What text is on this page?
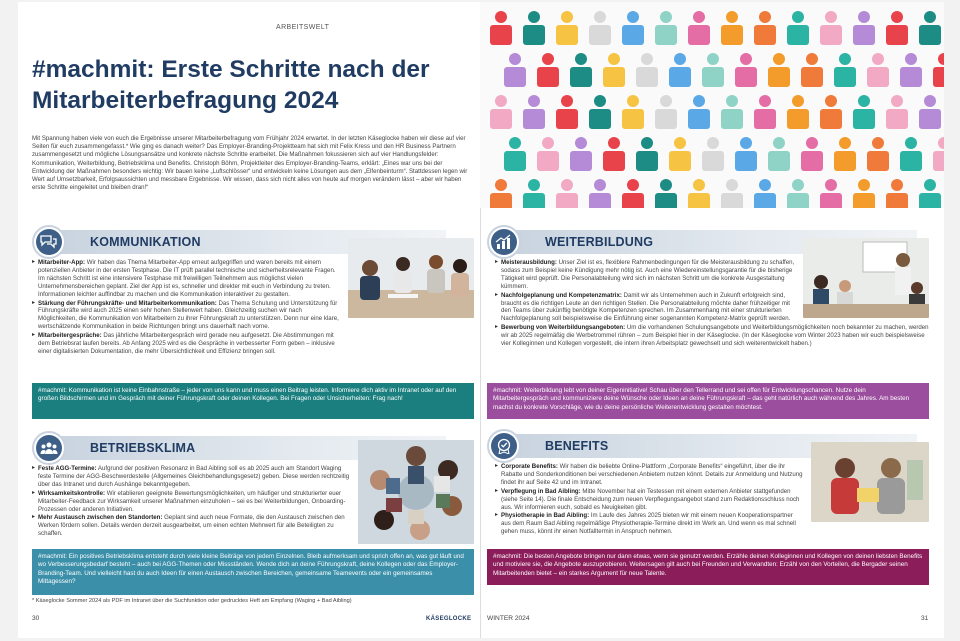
ARBEITSWELT
#machmit: Erste Schritte nach der
Mitarbeiterbefragung 2024
Mit Spannung haben viele von euch die Ergebnisse unserer Mitarbeiterbefragung vom Frühjahr 2024 erwartet. In der letzten Käseglocke haben wir diese auf vier Seiten für euch zusammengefasst.* Wie ging es danach weiter? Das Employer-Branding-Projektteam hat sich mit Felix Kress und den HR Business Partnern zusammengesetzt und mögliche Lösungsansätze und konkrete nächste Schritte erarbeitet. Die Maßnahmen fokussieren sich auf vier Handlungsfelder: Kommunikation, Weiterbildung, Betriebsklima und Benefits. Christoph Böhm, Projektleiter des Employer-Branding-Teams, erklärt: „Eines war uns bei der Entwicklung der Maßnahmen besonders wichtig: Wir bauen keine „Luftschlösser“ und entwickeln keine Lösungen aus dem „Elfenbeinturm“. Stattdessen legen wir Wert auf Umsetzbarkeit, Erfolgsaussichten und messbare Ergebnisse. Wir wissen, dass sich nicht alles von heute auf morgen verändern lässt – aber wir haben erste Schritte eingeleitet und bleiben dran!“
KOMMUNIKATION
▸ Mitarbeiter-App: Wir haben das Thema Mitarbeiter-App erneut aufgegriffen und waren bereits mit einem potenziellen Anbieter in der ersten Testphase. Die IT prüft parallel technische und sicherheitsrelevante Fragen. Im nächsten Schritt ist eine intensivere Testphase mit freiwilligen Teilnehmern aus möglichst vielen Unternehmensbereichen geplant. Ziel der App ist es, schneller und direkter mit euch in Verbindung zu treten. Informationen leichter auffindbar zu machen und die Kommunikation interaktiver zu gestalten.
▸ Stärkung der Führungskräfte- und Mitarbeiterkommunikation: Das Thema Schulung und Unterstützung für Führungskräfte wird auch 2025 einen sehr hohen Stellenwert haben. Gleichzeitig suchen wir nach Möglichkeiten, die Kommunikation von Mitarbeitern zu ihrer Führungskraft zu unterstützen. Denn nur eine klare, wertschätzende Kommunikation in beide Richtungen bringt uns dauerhaft nach vorne.
▸ Mitarbeitergespräche: Das jährliche Mitarbeitergespräch wird gerade neu aufgesetzt. Die Abstimmungen mit dem Betriebsrat laufen bereits. Ab Anfang 2025 wird es die Gespräche in verbesserter Form geben – inklusive einer digitalisierten Dokumentation, die mehr Übersichtlichkeit und Effizienz bringen soll.
#machmit: Kommunikation ist keine Einbahnstraße – jeder von uns kann und muss einen Beitrag leisten. Informiere dich aktiv im Intranet oder auf den großen Bildschirmen und im Gespräch mit deiner Führungskraft oder deinen Kollegen. Bei Fragen oder Unsicherheiten: Frag nach!
BETRIEBSKLIMA
▸ Feste AGG-Termine: Aufgrund der positiven Resonanz in Bad Aibling soll es ab 2025 auch am Standort Waging feste Termine der AGG-Beschwerdestelle (Allgemeines Gleichbehandlungsgesetz) geben. Diese werden rechtzeitig über das Intranet und durch Aushänge bekanntgegeben.
▸ Wirksamkeitskontrolle: Wir etablieren geeignete Bewertungsmöglichkeiten, um häufiger und strukturierter euer Mitarbeiter-Feedback zur Wirksamkeit unserer Maßnahmen einzuholen – sei es bei Weiterbildungen, Onboarding-Prozessen oder anderen Initiativen.
▸ Mehr Austausch zwischen den Standorten: Geplant sind auch neue Formate, die den Austausch zwischen den Werken fördern sollen. Details werden derzeit ausgearbeitet, um einen echten Mehrwert für alle Beteiligten zu schaffen.
#machmit: Ein positives Betriebsklima entsteht durch viele kleine Beiträge von jedem Einzelnen. Bleib aufmerksam und sprich offen an, was gut läuft und wo Verbesserungsbedarf besteht – auch bei AGG-Themen oder Missständen. Wende dich an deine Führungskraft, deine Kollegen oder das Employer-Branding-Team. Und vielleicht hast du auch Ideen für einen Austausch zwischen Bereichen, gemeinsame Teamevents oder ein gemeinsames Mittagessen?
* Käseglocke Sommer 2024 als PDF im Intranet über die Suchfunktion oder gedrucktes Heft am Empfang (Waging + Bad Aibling)
30	KÄSEGLOCKE
WEITERBILDUNG
▸ Meisterausbildung: Unser Ziel ist es, flexiblere Rahmenbedingungen für die Meisterausbildung zu schaffen, sodass zum Beispiel keine Kündigung mehr nötig ist. Auch eine Wiedereinstellungsgarantie für die bisherige Tätigkeit wird geprüft. Die Personalabteilung wird sich im nächsten Schritt um die konkrete Ausgestaltung kümmern.
▸ Nachfolgeplanung und Kompetenzmatrix: Damit wir als Unternehmen auch in Zukunft erfolgreich sind, braucht es die richtigen Leute an den richtigen Stellen. Die Personalabteilung möchte daher frühzeitiger mit den Teams über zukünftig benötigte Kompetenzen sprechen. Im Zusammenhang mit einer strukturierten Nachfolgeplanung soll beispielsweise die Einführung einer sogenannten Kompetenz-Matrix geprüft werden.
▸ Bewerbung von Weiterbildungsangeboten: Um die vorhandenen Schulungsangebote und Weiterbildungsmöglichkeiten noch bekannter zu machen, werden wir ab 2025 regelmäßig die Werbetrommel rühren – zum Beispiel hier in der Käseglocke. (In der Käseglocke vom Winter 2023 haben wir euch beispielsweise vier Kolleginnen und Kollegen vorgestellt, die intern ihren Arbeitsplatz gewechselt und sich weiterentwickelt haben.)
#machmit: Weiterbildung lebt von deiner Eigeninitiative! Schau über den Tellerrand und sei offen für Entwicklungschancen. Nutze dein Mitarbeitergespräch und kommuniziere deine Wünsche oder Ideen an deine Führungskraft – das geht natürlich auch während des Jahres. Am besten machst du konkrete Vorschläge, wie du deine persönliche Weiterentwicklung gestalten möchtest.
BENEFITS
▸ Corporate Benefits: Wir haben die beliebte Online-Plattform „Corporate Benefits“ eingeführt, über die ihr Rabatte und Sonderkonditionen bei verschiedenen Anbietern nutzen könnt. Details zur Anmeldung und Nutzung findet ihr auf Seite 42 und im Intranet.
▸ Verpflegung in Bad Aibling: Mitte November hat ein Testessen mit einem externen Anbieter stattgefunden (siehe Seite 14). Die finale Entscheidung zum neuen Verpflegungsangebot stand zum Redaktionsschluss noch aus. Wir informieren euch, sobald es Neuigkeiten gibt.
▸ Physiotherapie in Bad Aibling: Im Laufe des Jahres 2025 bieten wir mit einem neuen Kooperationspartner aus dem Raum Bad Aibling regelmäßige Physiotherapie-Termine direkt im Werk an. Und wenn es mal schnell gehen muss, könnt ihr einen Notfalltermin in Anspruch nehmen.
#machmit: Die besten Angebote bringen nur dann etwas, wenn sie genutzt werden. Erzähle deinen Kolleginnen und Kollegen von deinen liebsten Benefits und motiviere sie, die Angebote auszuprobieren. Weitersagen gilt auch bei Freunden und Verwandten: Erzähl von den Vorteilen, die Bergader seinen Mitarbeitenden bietet – ein starkes Argument für neue Talente.
WINTER 2024	31
